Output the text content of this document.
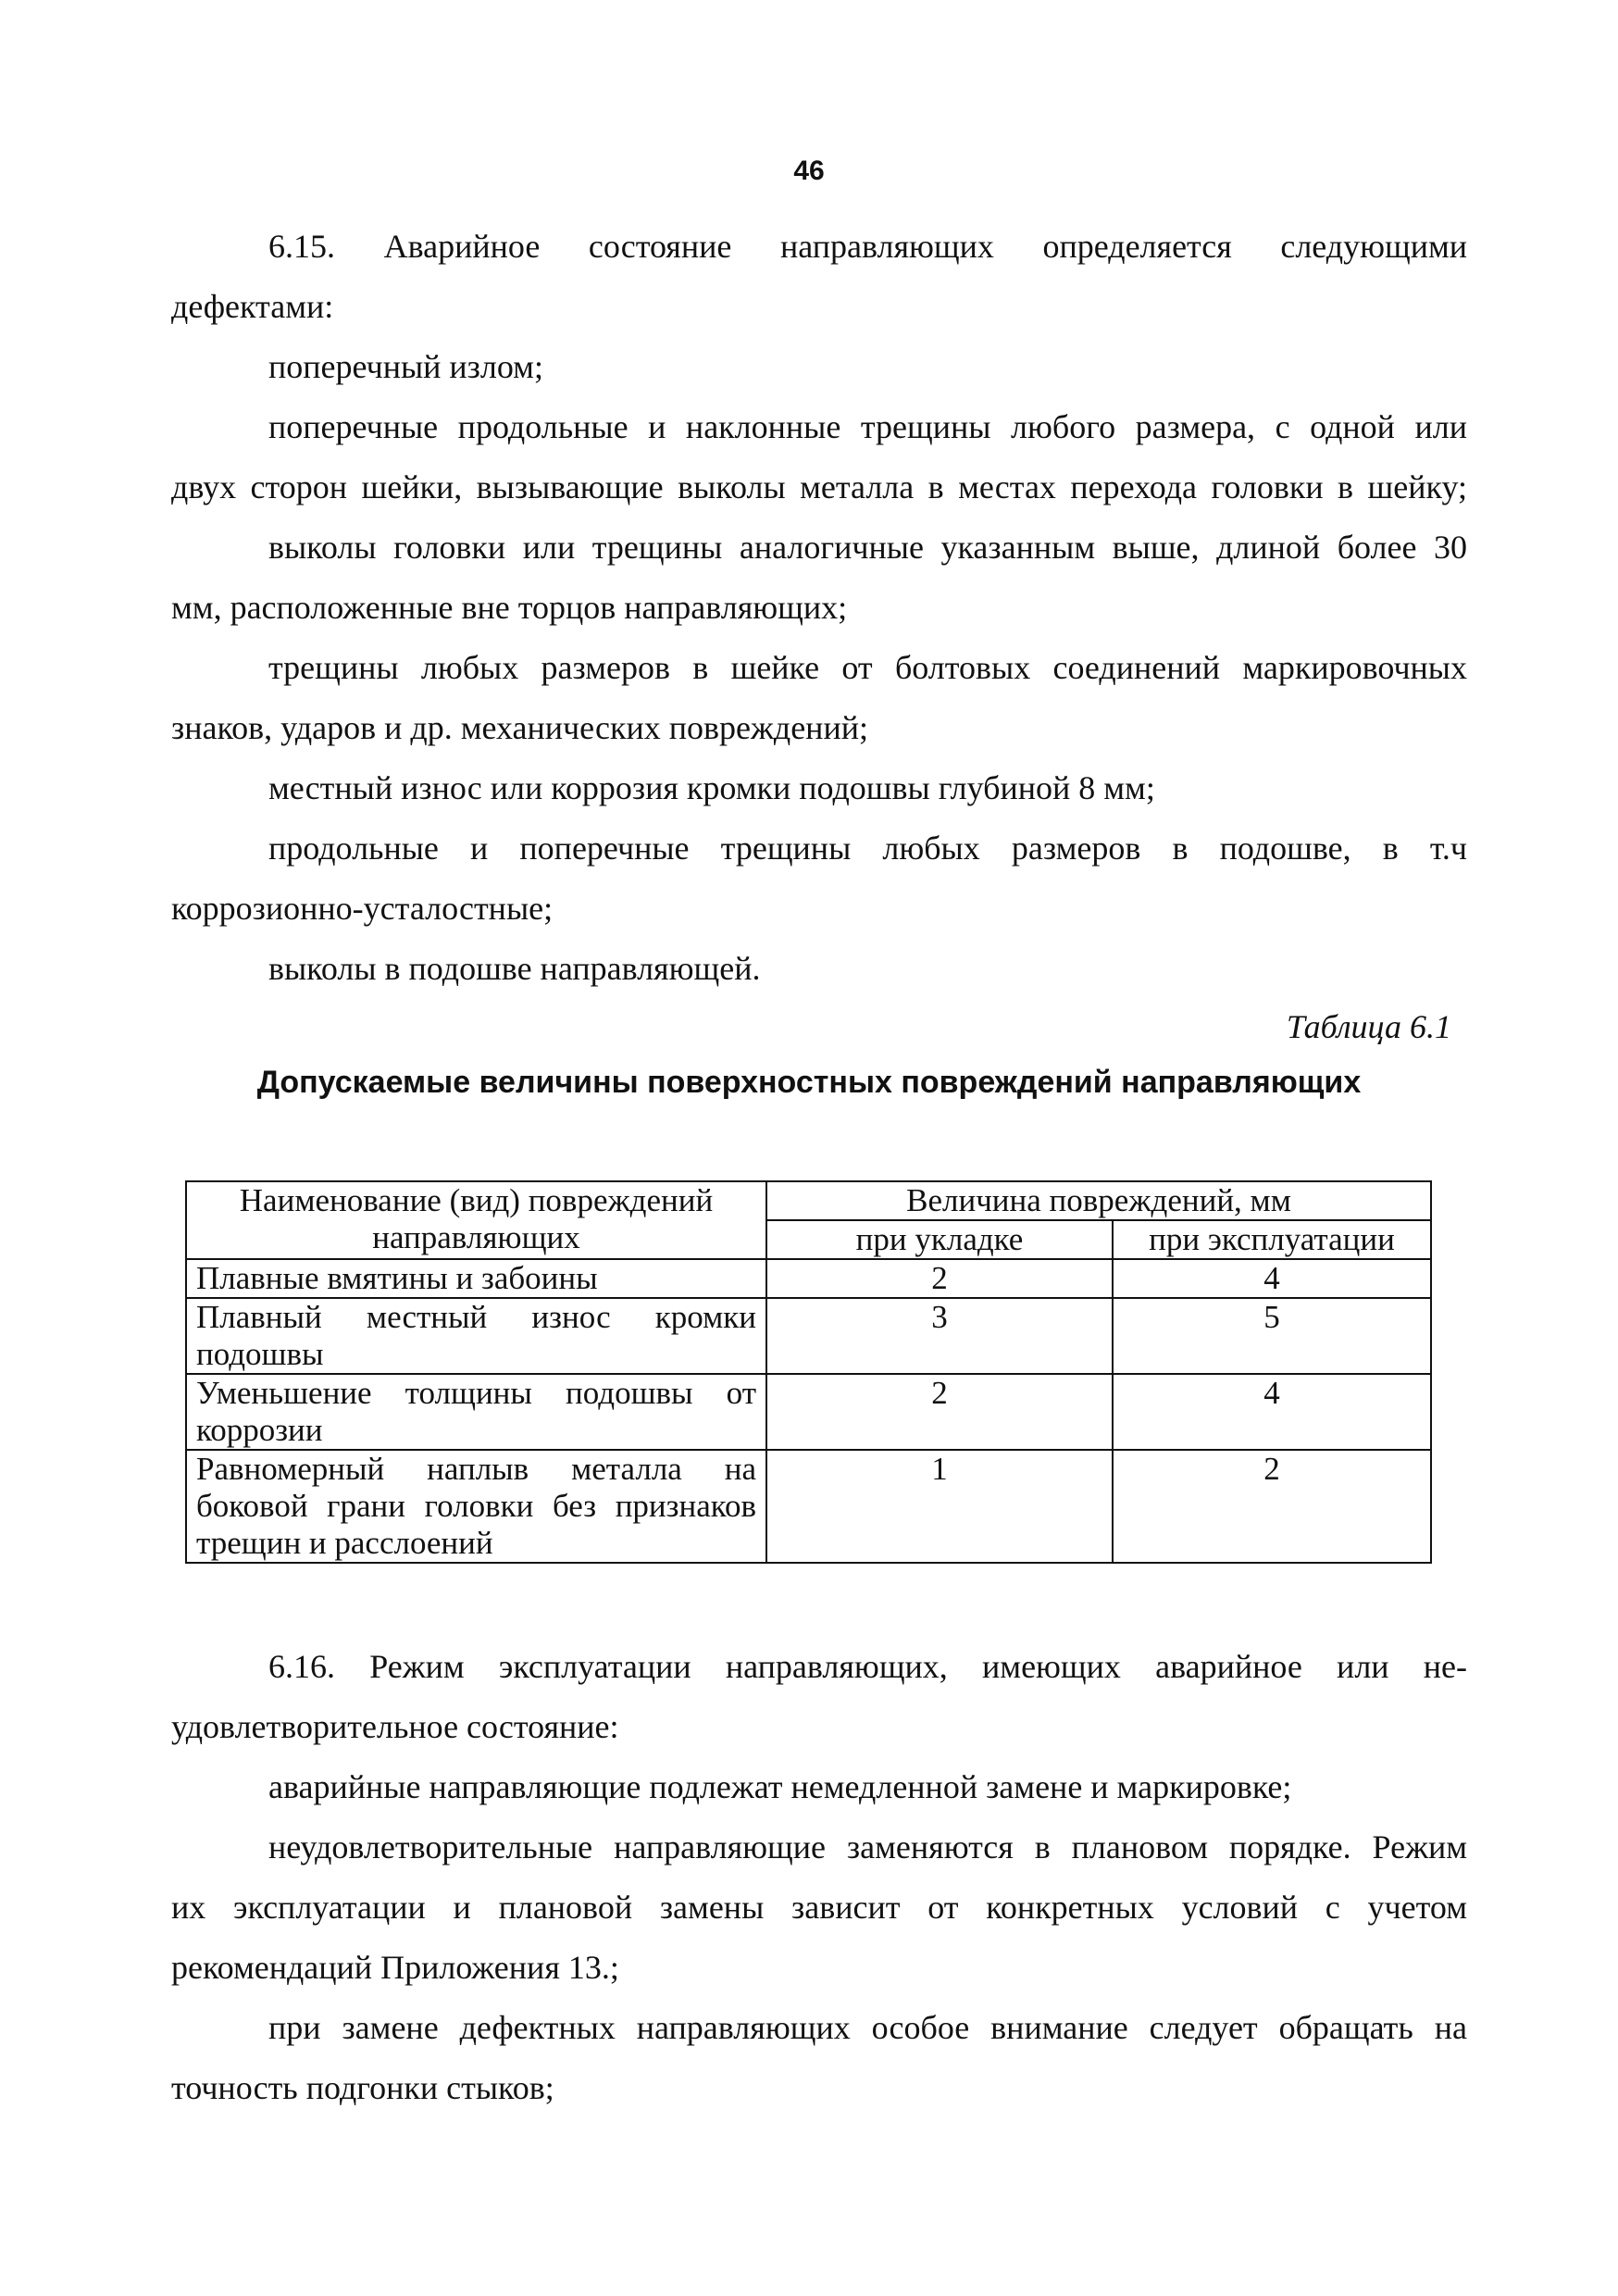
46
6.15. Аварийное состояние направляющих определяется следующими
дефектами:
поперечный излом;
поперечные продольные и наклонные трещины любого размера, с одной или
двух сторон шейки, вызывающие выколы металла в местах перехода головки в шейку;
выколы головки или трещины аналогичные указанным выше, длиной более 30
мм, расположенные вне торцов направляющих;
трещины любых размеров в шейке от болтовых соединений маркировочных
знаков, ударов и др. механических повреждений;
местный износ или коррозия кромки подошвы глубиной 8 мм;
продольные и поперечные трещины любых размеров в подошве, в т.ч
коррозионно-усталостные;
выколы в подошве направляющей.
Таблица 6.1
Допускаемые величины поверхностных повреждений направляющих
Наименование (вид) повреждений направляющих	Величина повреждений, мм	
	при укладке	при эксплуатации
Плавные вмятины и забоины	2	4
Плавный местный износ кромки подошвы	3	5
Уменьшение толщины подошвы от коррозии	2	4
Равномерный наплыв металла на боковой грани головки без признаков трещин и расслоений	1	2
6.16. Режим эксплуатации направляющих, имеющих аварийное или не-
удовлетворительное состояние:
аварийные направляющие подлежат немедленной замене и маркировке;
неудовлетворительные направляющие заменяются в плановом порядке. Режим
их эксплуатации и плановой замены зависит от конкретных условий с учетом
рекомендаций Приложения 13.;
при замене дефектных направляющих особое внимание следует обращать на
точность подгонки стыков;
